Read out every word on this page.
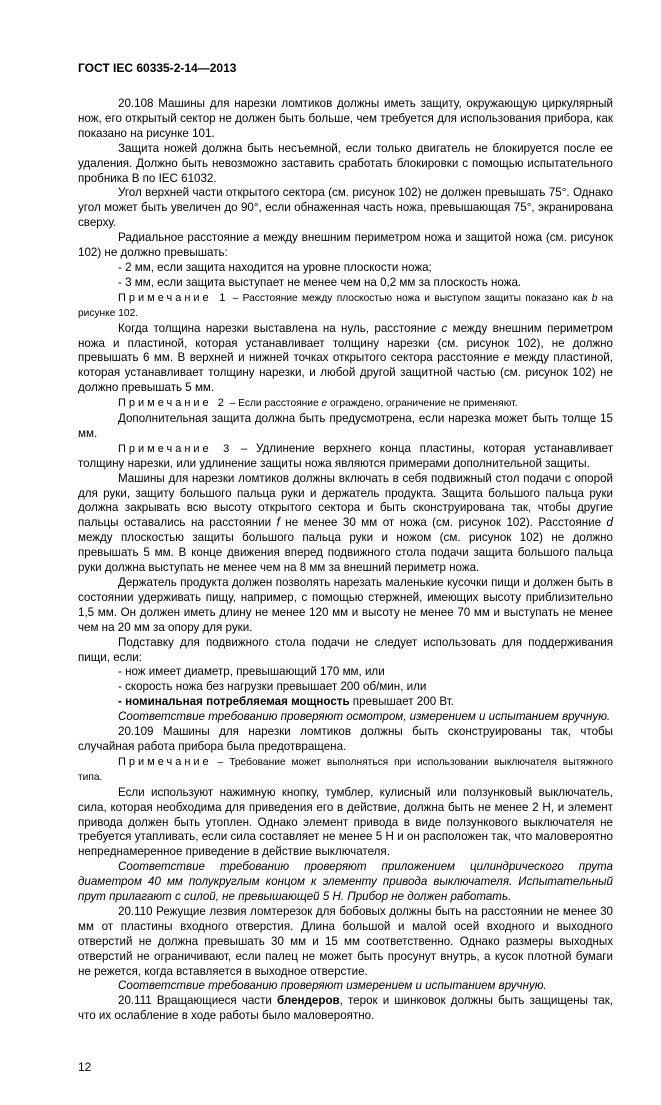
ГОСТ IEC 60335-2-14—2013

20.108 Машины для нарезки ломтиков должны иметь защиту, окружающую циркулярный нож, его открытый сектор не должен быть больше, чем требуется для использования прибора, как показано на рисунке 101.

Защита ножей должна быть несъемной, если только двигатель не блокируется после ее удаления. Должно быть невозможно заставить сработать блокировки с помощью испытательного пробника В по IEC 61032.

Угол верхней части открытого сектора (см. рисунок 102) не должен превышать 75°. Однако угол может быть увеличен до 90°, если обнаженная часть ножа, превышающая 75°, экранирована сверху.

Радиальное расстояние a между внешним периметром ножа и защитой ножа (см. рисунок 102) не должно превышать:

- 2 мм, если защита находится на уровне плоскости ножа;

- 3 мм, если защита выступает не менее чем на 0,2 мм за плоскость ножа.

Примечание 1 – Расстояние между плоскостью ножа и выступом защиты показано как b на рисунке 102.

Когда толщина нарезки выставлена на нуль, расстояние c между внешним периметром ножа и пластиной, которая устанавливает толщину нарезки (см. рисунок 102), не должно превышать 6 мм. В верхней и нижней точках открытого сектора расстояние e между пластиной, которая устанавливает толщину нарезки, и любой другой защитной частью (см. рисунок 102) не должно превышать 5 мм.

Примечание 2 – Если расстояние e ограждено, ограничение не применяют.

Дополнительная защита должна быть предусмотрена, если нарезка может быть толще 15 мм.

Примечание 3 – Удлинение верхнего конца пластины, которая устанавливает толщину нарезки, или удлинение защиты ножа являются примерами дополнительной защиты.

Машины для нарезки ломтиков должны включать в себя подвижный стол подачи с опорой для руки, защиту большого пальца руки и держатель продукта. Защита большого пальца руки должна закрывать всю высоту открытого сектора и быть сконструирована так, чтобы другие пальцы оставались на расстоянии f не менее 30 мм от ножа (см. рисунок 102). Расстояние d между плоскостью защиты большого пальца руки и ножом (см. рисунок 102) не должно превышать 5 мм. В конце движения вперед подвижного стола подачи защита большого пальца руки должна выступать не менее чем на 8 мм за внешний периметр ножа.

Держатель продукта должен позволять нарезать маленькие кусочки пищи и должен быть в состоянии удерживать пищу, например, с помощью стержней, имеющих высоту приблизительно 1,5 мм. Он должен иметь длину не менее 120 мм и высоту не менее 70 мм и выступать не менее чем на 20 мм за опору для руки.

Подставку для подвижного стола подачи не следует использовать для поддерживания пищи, если:

- нож имеет диаметр, превышающий 170 мм, или

- скорость ножа без нагрузки превышает 200 об/мин, или

- номинальная потребляемая мощность превышает 200 Вт.

Соответствие требованию проверяют осмотром, измерением и испытанием вручную.

20.109 Машины для нарезки ломтиков должны быть сконструированы так, чтобы случайная работа прибора была предотвращена.

Примечание – Требование может выполняться при использовании выключателя вытяжного типа.

Если используют нажимную кнопку, тумблер, кулисный или ползунковый выключатель, сила, которая необходима для приведения его в действие, должна быть не менее 2 Н, и элемент привода должен быть утоплен. Однако элемент привода в виде ползункового выключателя не требуется утапливать, если сила составляет не менее 5 Н и он расположен так, что маловероятно непреднамеренное приведение в действие выключателя.

Соответствие требованию проверяют приложением цилиндрического прута диаметром 40 мм полукруглым концом к элементу привода выключателя. Испытательный прут прилагают с силой, не превышающей 5 Н. Прибор не должен работать.

20.110 Режущие лезвия ломтерезок для бобовых должны быть на расстоянии не менее 30 мм от пластины входного отверстия. Длина большой и малой осей входного и выходного отверстий не должна превышать 30 мм и 15 мм соответственно. Однако размеры выходных отверстий не ограничивают, если палец не может быть просунут внутрь, а кусок плотной бумаги не режется, когда вставляется в выходное отверстие.

Соответствие требованию проверяют измерением и испытанием вручную.

20.111 Вращающиеся части блендеров, терок и шинковок должны быть защищены так, что их ослабление в ходе работы было маловероятно.

12
